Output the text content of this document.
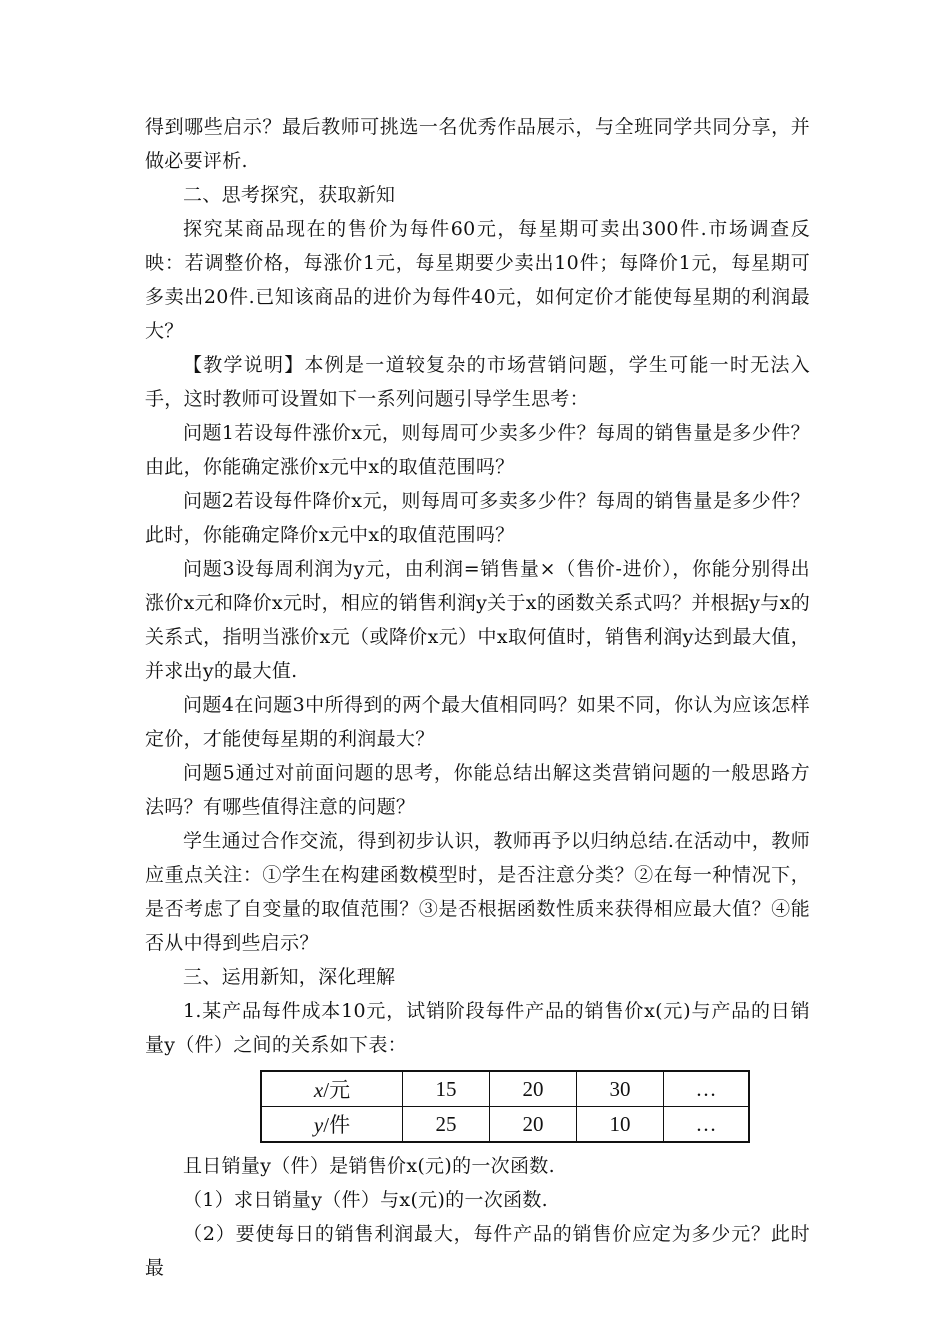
得到哪些启示？最后教师可挑选一名优秀作品展示，与全班同学共同分享，并做必要评析.

二、思考探究，获取新知

探究某商品现在的售价为每件60元，每星期可卖出300件.市场调查反映：若调整价格，每涨价1元，每星期要少卖出10件；每降价1元，每星期可多卖出20件.已知该商品的进价为每件40元，如何定价才能使每星期的利润最大？

【教学说明】本例是一道较复杂的市场营销问题，学生可能一时无法入手，这时教师可设置如下一系列问题引导学生思考：

问题1若设每件涨价x元，则每周可少卖多少件？每周的销售量是多少件？由此，你能确定涨价x元中x的取值范围吗？

问题2若设每件降价x元，则每周可多卖多少件？每周的销售量是多少件？此时，你能确定降价x元中x的取值范围吗？

问题3设每周利润为y元，由利润=销售量×（售价-进价），你能分别得出涨价x元和降价x元时，相应的销售利润y关于x的函数关系式吗？并根据y与x的关系式，指明当涨价x元（或降价x元）中x取何值时，销售利润y达到最大值，并求出y的最大值.

问题4在问题3中所得到的两个最大值相同吗？如果不同，你认为应该怎样定价，才能使每星期的利润最大？

问题5通过对前面问题的思考，你能总结出解这类营销问题的一般思路方法吗？有哪些值得注意的问题？

学生通过合作交流，得到初步认识，教师再予以归纳总结.在活动中，教师应重点关注：①学生在构建函数模型时，是否注意分类？②在每一种情况下，是否考虑了自变量的取值范围？③是否根据函数性质来获得相应最大值？④能否从中得到些启示？

三、运用新知，深化理解

1.某产品每件成本10元，试销阶段每件产品的销售价x(元)与产品的日销量y（件）之间的关系如下表：

x/元	15	20	30	…
y/件	25	20	10	…

且日销量y（件）是销售价x(元)的一次函数.

（1）求日销量y（件）与x(元)的一次函数.

（2）要使每日的销售利润最大，每件产品的销售价应定为多少元？此时最
